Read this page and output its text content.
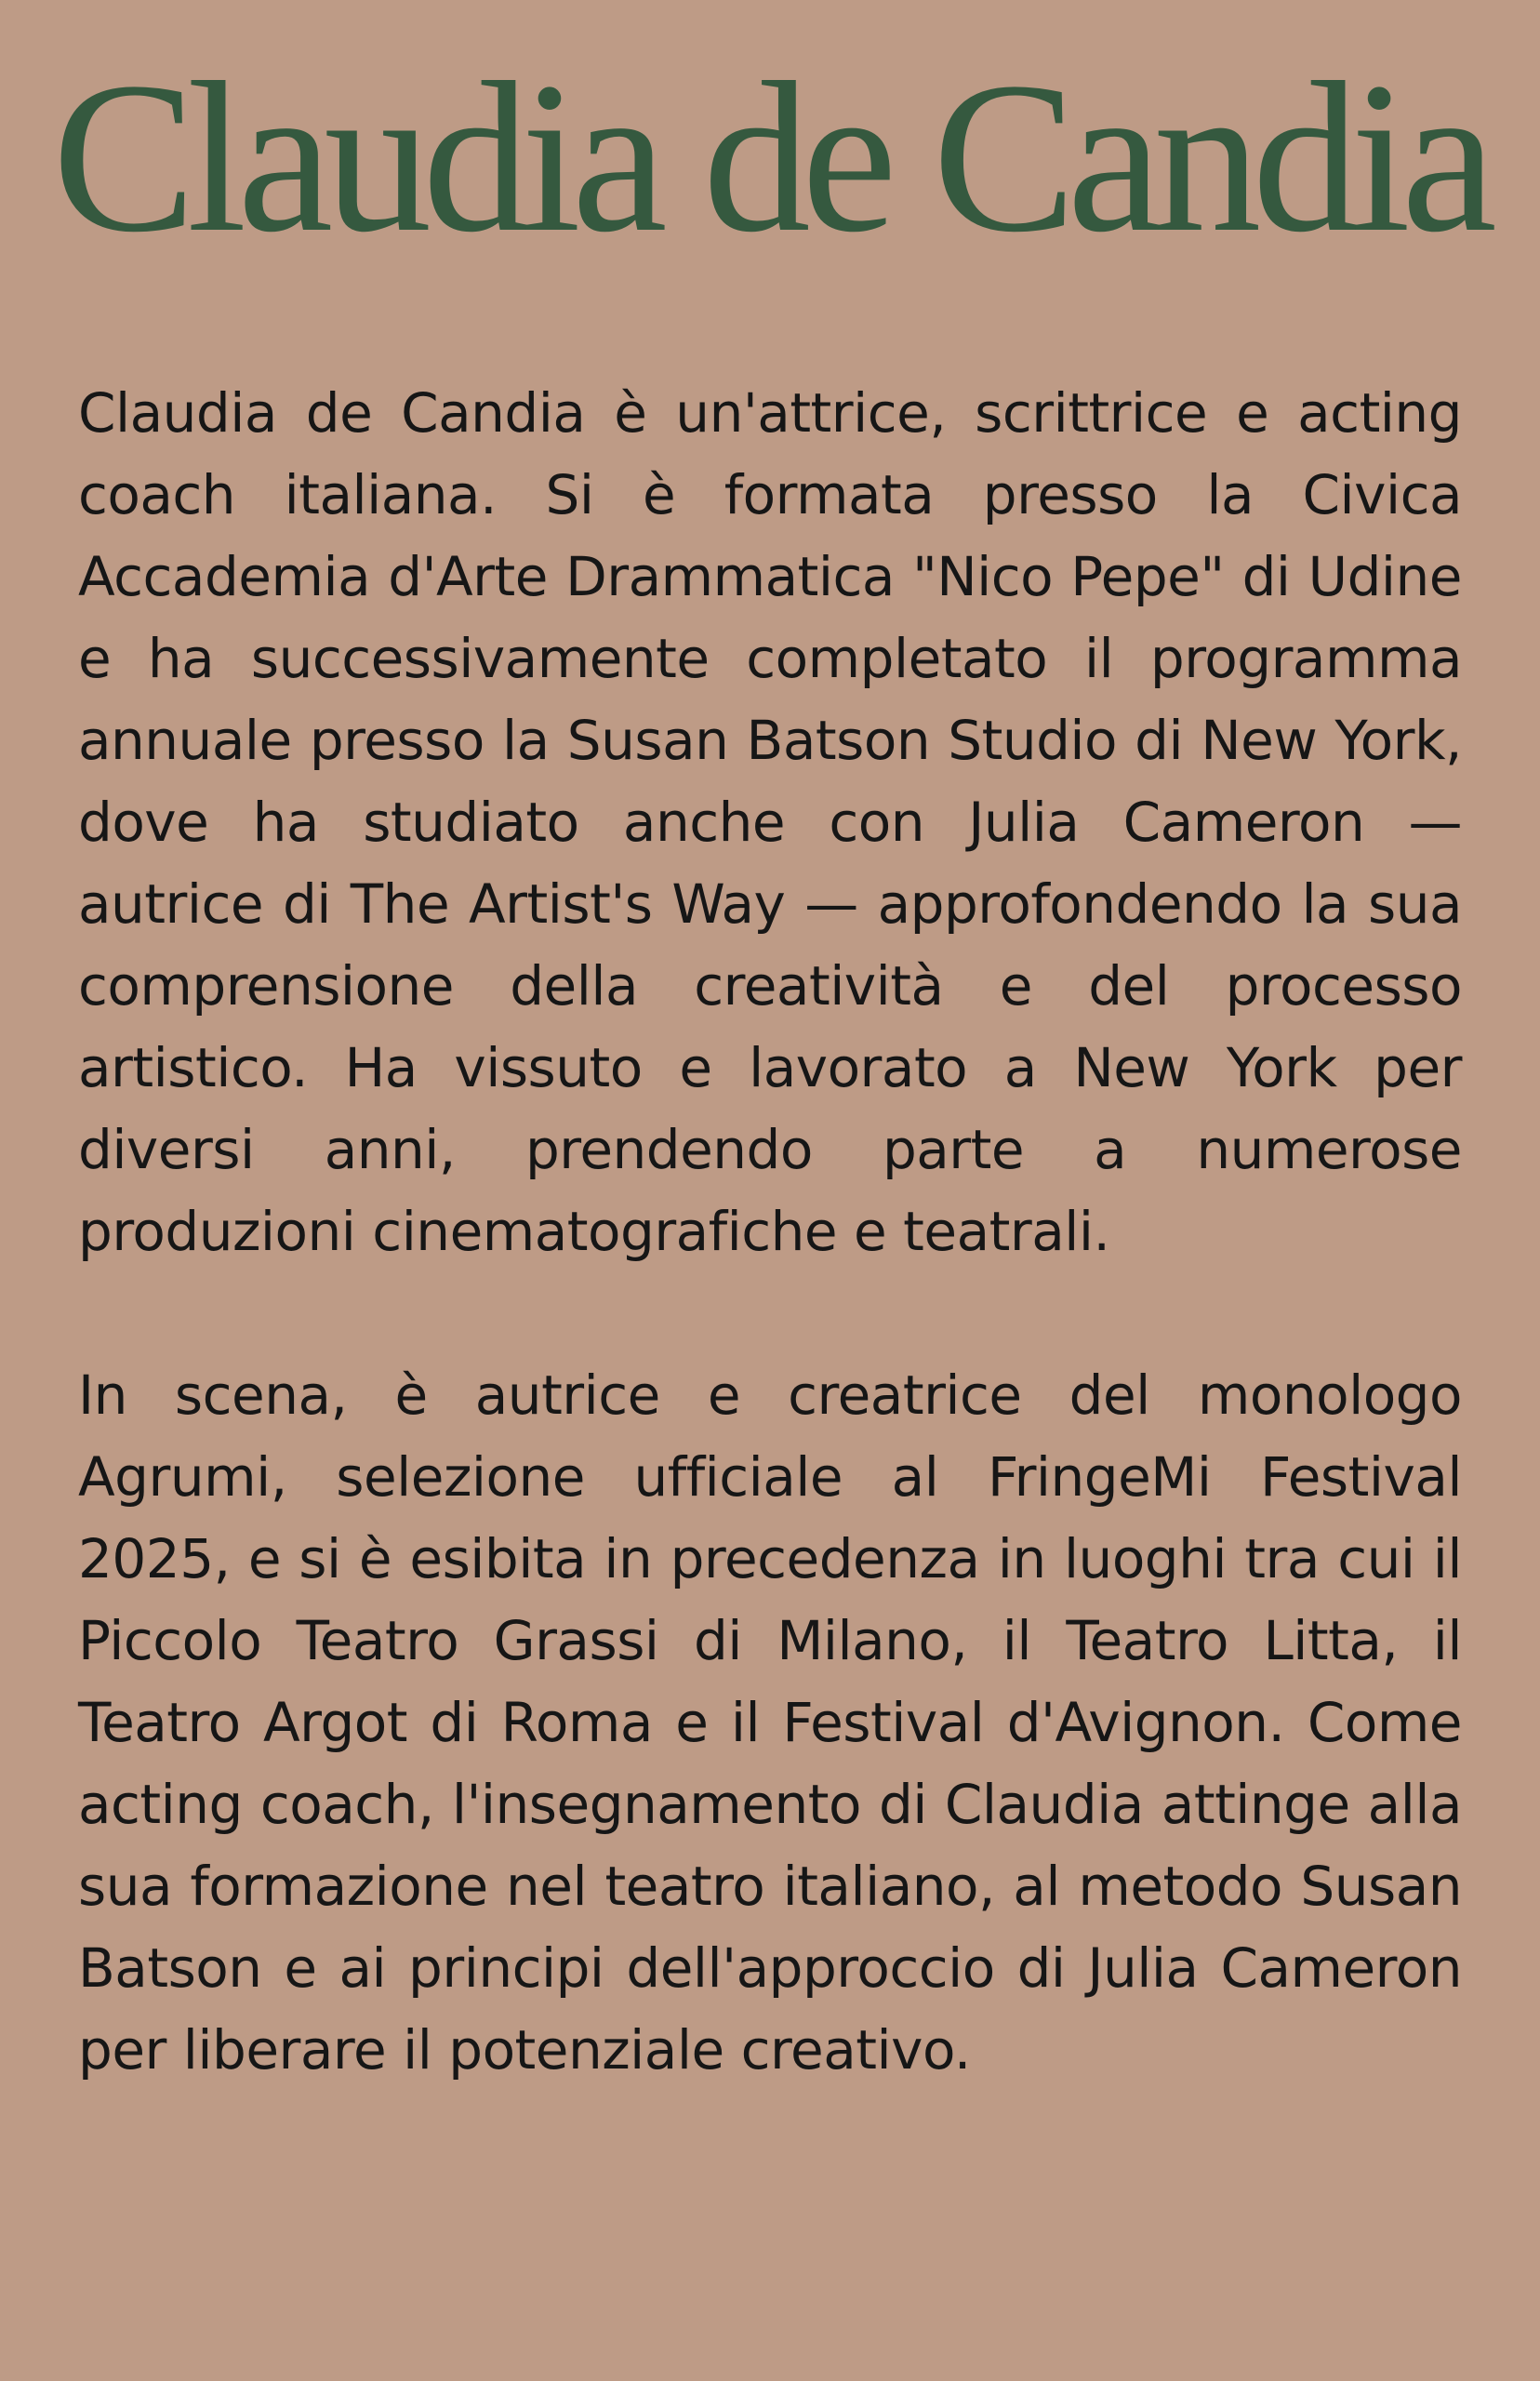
Claudia de Candia

Claudia de Candia è un'attrice, scrittrice e acting coach italiana. Si è formata presso la Civica Accademia d'Arte Drammatica "Nico Pepe" di Udine e ha successivamente completato il programma annuale presso la Susan Batson Studio di New York, dove ha studiato anche con Julia Cameron — autrice di The Artist's Way — approfondendo la sua comprensione della creatività e del processo artistico. Ha vissuto e lavorato a New York per diversi anni, prendendo parte a numerose produzioni cinematografiche e teatrali.

In scena, è autrice e creatrice del monologo Agrumi, selezione ufficiale al FringeMi Festival 2025, e si è esibita in precedenza in luoghi tra cui il Piccolo Teatro Grassi di Milano, il Teatro Litta, il Teatro Argot di Roma e il Festival d'Avignon. Come acting coach, l'insegnamento di Claudia attinge alla sua formazione nel teatro italiano, al metodo Susan Batson e ai principi dell'approccio di Julia Cameron per liberare il potenziale creativo.
